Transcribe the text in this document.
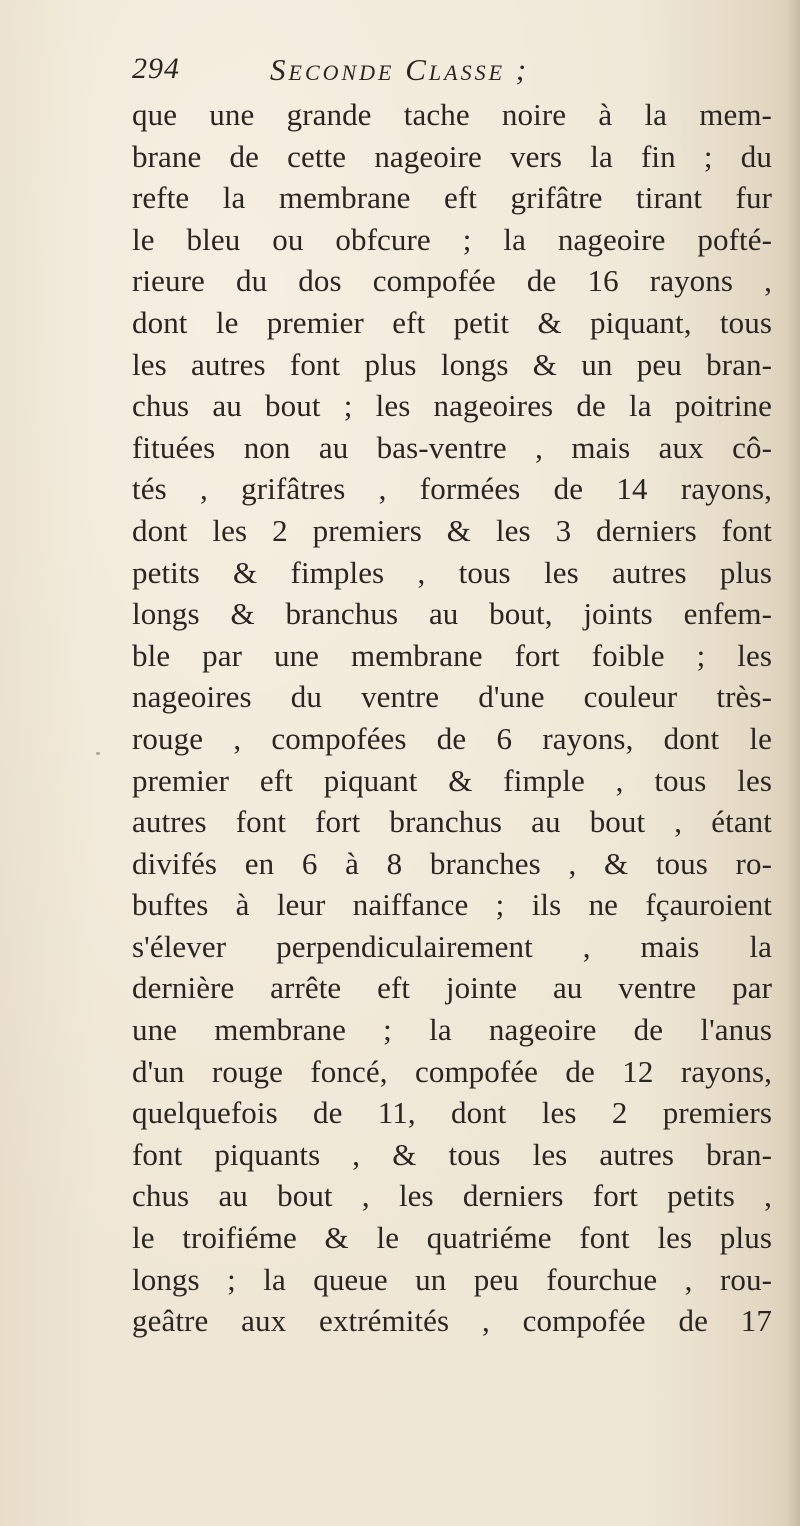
294	Seconde Classe ;
que une grande tache noire à la mem-
brane de cette nageoire vers la fin ; du
refte la membrane eft grifâtre tirant fur
le bleu ou obfcure ; la nageoire pofté-
rieure du dos compofée de 16 rayons ,
dont le premier eft petit & piquant, tous
les autres font plus longs & un peu bran-
chus au bout ; les nageoires de la poitrine
fituées non au bas-ventre , mais aux cô-
tés , grifâtres , formées de 14 rayons,
dont les 2 premiers & les 3 derniers font
petits & fimples , tous les autres plus
longs & branchus au bout, joints enfem-
ble par une membrane fort foible ; les
nageoires du ventre d'une couleur très-
rouge , compofées de 6 rayons, dont le
premier eft piquant & fimple , tous les
autres font fort branchus au bout , étant
divifés en 6 à 8 branches , & tous ro-
buftes à leur naiffance ; ils ne fçauroient
s'élever perpendiculairement , mais la
dernière arrête eft jointe au ventre par
une membrane ; la nageoire de l'anus
d'un rouge foncé, compofée de 12 rayons,
quelquefois de 11, dont les 2 premiers
font piquants , & tous les autres bran-
chus au bout , les derniers fort petits ,
le troifiéme & le quatriéme font les plus
longs ; la queue un peu fourchue , rou-
geâtre aux extrémités , compofée de 17
